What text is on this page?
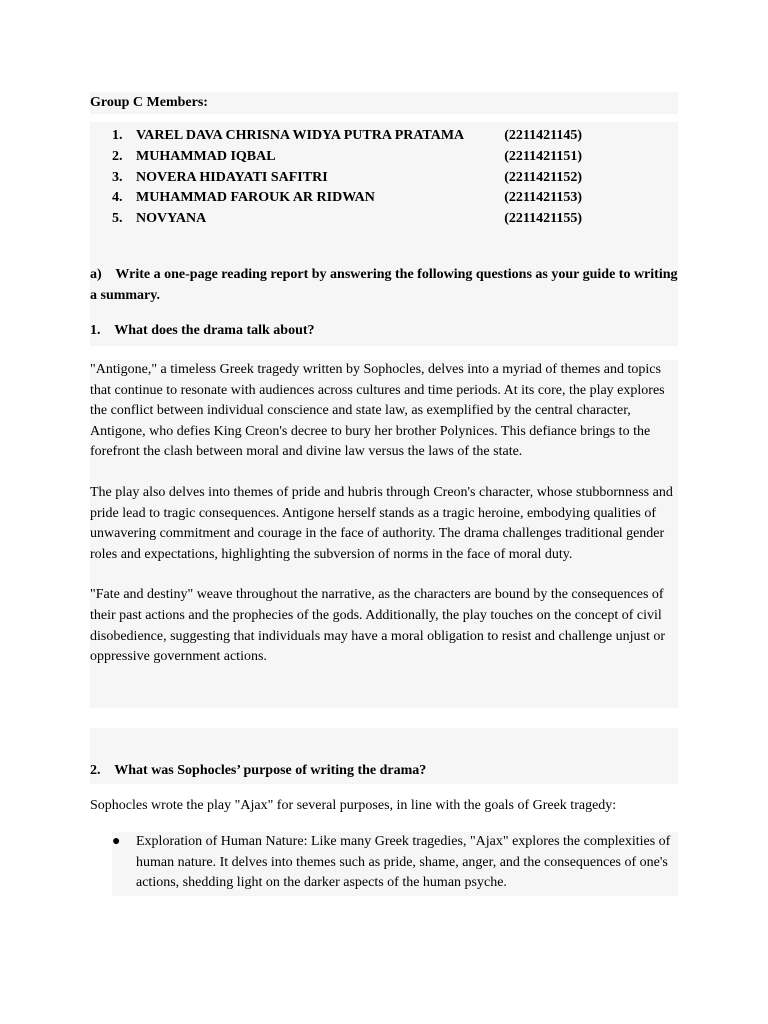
Group C Members:

1. VAREL DAVA CHRISNA WIDYA PUTRA PRATAMA	(2211421145)
2. MUHAMMAD IQBAL	(2211421151)
3. NOVERA HIDAYATI SAFITRI	(2211421152)
4. MUHAMMAD FAROUK AR RIDWAN	(2211421153)
5. NOVYANA	(2211421155)

a)    Write a one-page reading report by answering the following questions as your guide to writing a summary.

1.    What does the drama talk about?

"Antigone," a timeless Greek tragedy written by Sophocles, delves into a myriad of themes and topics that continue to resonate with audiences across cultures and time periods. At its core, the play explores the conflict between individual conscience and state law, as exemplified by the central character, Antigone, who defies King Creon's decree to bury her brother Polynices. This defiance brings to the forefront the clash between moral and divine law versus the laws of the state.

The play also delves into themes of pride and hubris through Creon's character, whose stubbornness and pride lead to tragic consequences. Antigone herself stands as a tragic heroine, embodying qualities of unwavering commitment and courage in the face of authority. The drama challenges traditional gender roles and expectations, highlighting the subversion of norms in the face of moral duty.

"Fate and destiny" weave throughout the narrative, as the characters are bound by the consequences of their past actions and the prophecies of the gods. Additionally, the play touches on the concept of civil disobedience, suggesting that individuals may have a moral obligation to resist and challenge unjust or oppressive government actions.

2.    What was Sophocles’ purpose of writing the drama?

Sophocles wrote the play "Ajax" for several purposes, in line with the goals of Greek tragedy:

● Exploration of Human Nature: Like many Greek tragedies, "Ajax" explores the complexities of human nature. It delves into themes such as pride, shame, anger, and the consequences of one's actions, shedding light on the darker aspects of the human psyche.
